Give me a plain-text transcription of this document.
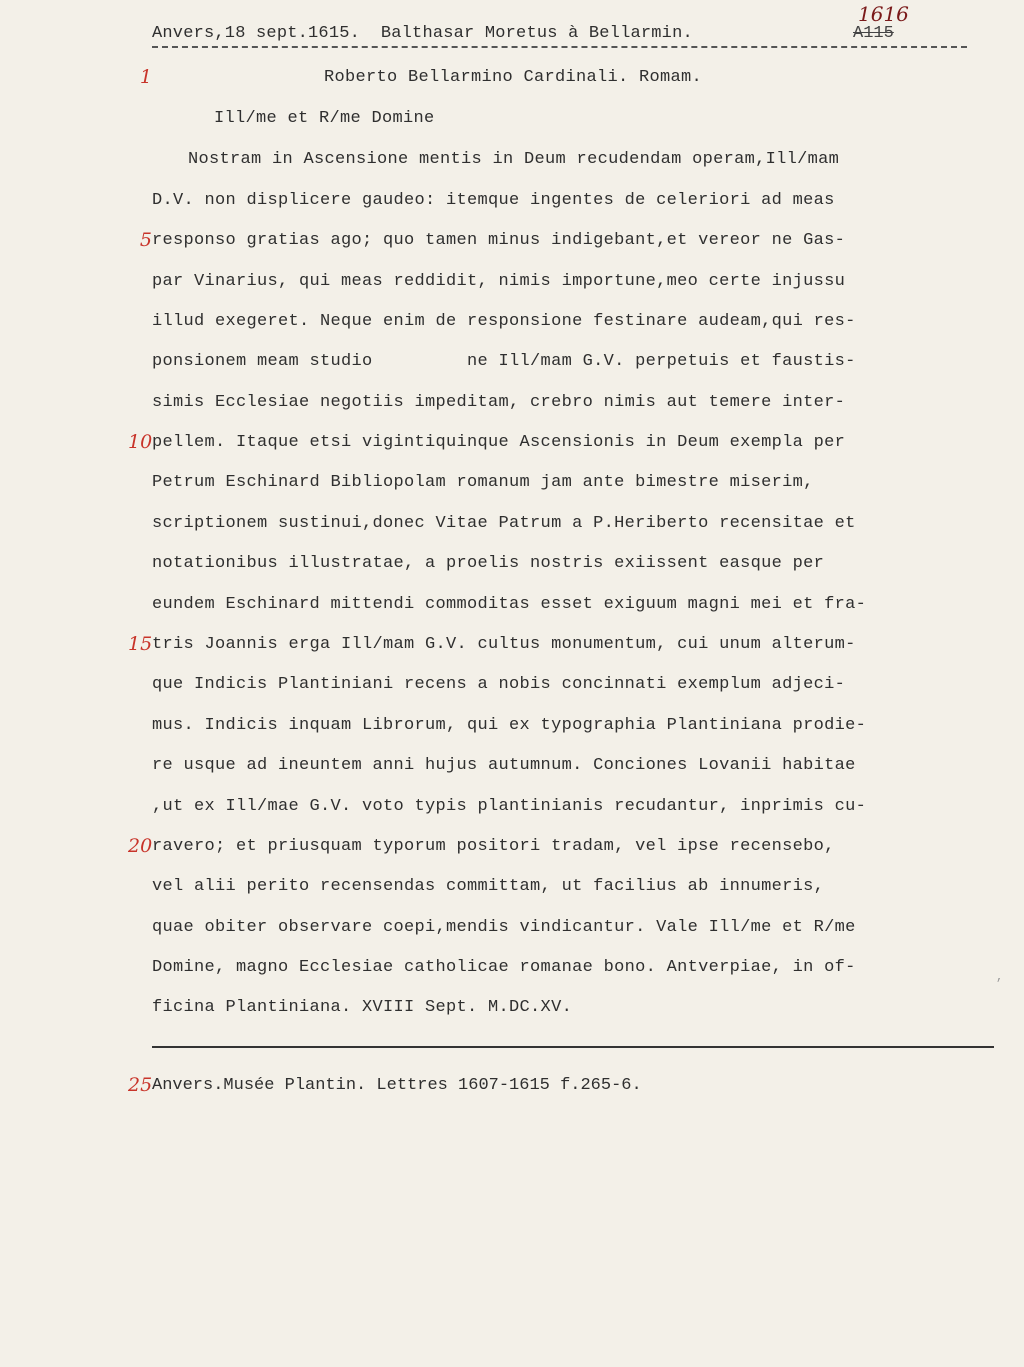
Anvers,18 sept.1615.  Balthasar Moretus à Bellarmin.	A115
1616
1	Roberto Bellarmino Cardinali. Romam.
Ill/me et R/me Domine
Nostram in Ascensione mentis in Deum recudendam operam,Ill/mam
D.V. non displicere gaudeo: itemque ingentes de celeriori ad meas
5 responso gratias ago; quo tamen minus indigebant,et vereor ne Gas-
par Vinarius, qui meas reddidit, nimis importune,meo certe injussu
illud exegeret. Neque enim de responsione festinare audeam,qui res-
ponsionem meam studio         ne Ill/mam G.V. perpetuis et faustis-
simis Ecclesiae negotiis impeditam, crebro nimis aut temere inter-
10 pellem. Itaque etsi vigintiquinque Ascensionis in Deum exempla per
Petrum Eschinard Bibliopolam romanum jam ante bimestre miserim,
scriptionem sustinui,donec Vitae Patrum a P.Heriberto recensitae et
notationibus illustratae, a proelis nostris exiissent easque per
eundem Eschinard mittendi commoditas esset exiguum magni mei et fra-
15 tris Joannis erga Ill/mam G.V. cultus monumentum, cui unum alterum-
que Indicis Plantiniani recens a nobis concinnati exemplum adjeci-
mus. Indicis inquam Librorum, qui ex typographia Plantiniana prodie-
re usque ad ineuntem anni hujus autumnum. Conciones Lovanii habitae
,ut ex Ill/mae G.V. voto typis plantinianis recudantur, inprimis cu-
20 ravero; et priusquam typorum positori tradam, vel ipse recensebo,
vel alii perito recensendas committam, ut facilius ab innumeris,
quae obiter observare coepi,mendis vindicantur. Vale Ill/me et R/me
Domine, magno Ecclesiae catholicae romanae bono. Antverpiae, in of-
ficina Plantiniana. XVIII Sept. M.DC.XV.
25 Anvers.Musée Plantin. Lettres 1607-1615 f.265-6.
,
